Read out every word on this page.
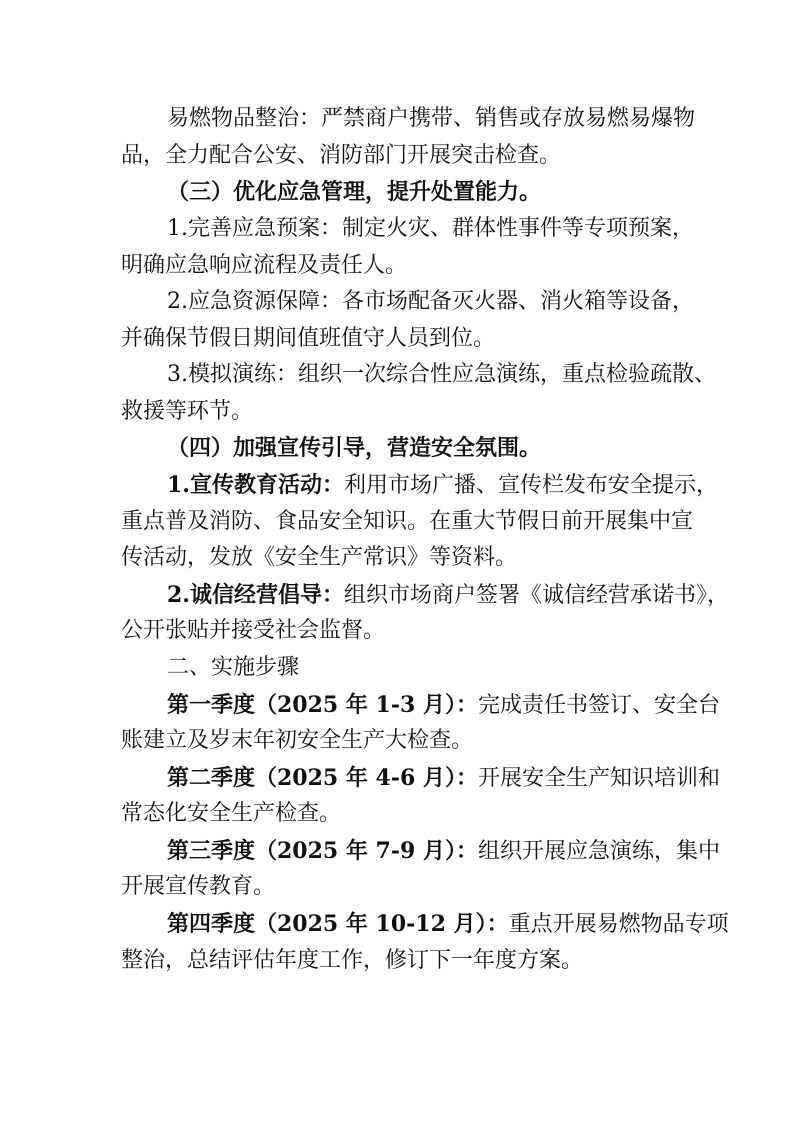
易燃物品整治：严禁商户携带、销售或存放易燃易爆物
品，全力配合公安、消防部门开展突击检查。
（三）优化应急管理，提升处置能力。
1.完善应急预案：制定火灾、群体性事件等专项预案，
明确应急响应流程及责任人。
2.应急资源保障：各市场配备灭火器、消火箱等设备，
并确保节假日期间值班值守人员到位。
3.模拟演练：组织一次综合性应急演练，重点检验疏散、
救援等环节。
（四）加强宣传引导，营造安全氛围。
1.宣传教育活动：利用市场广播、宣传栏发布安全提示，
重点普及消防、食品安全知识。在重大节假日前开展集中宣
传活动，发放《安全生产常识》等资料。
2.诚信经营倡导：组织市场商户签署《诚信经营承诺书》，
公开张贴并接受社会监督。
二、实施步骤
第一季度（2025 年 1-3 月）：完成责任书签订、安全台
账建立及岁末年初安全生产大检查。
第二季度（2025 年 4-6 月）：开展安全生产知识培训和
常态化安全生产检查。
第三季度（2025 年 7-9 月）：组织开展应急演练，集中
开展宣传教育。
第四季度（2025 年 10-12 月）：重点开展易燃物品专项
整治，总结评估年度工作，修订下一年度方案。
